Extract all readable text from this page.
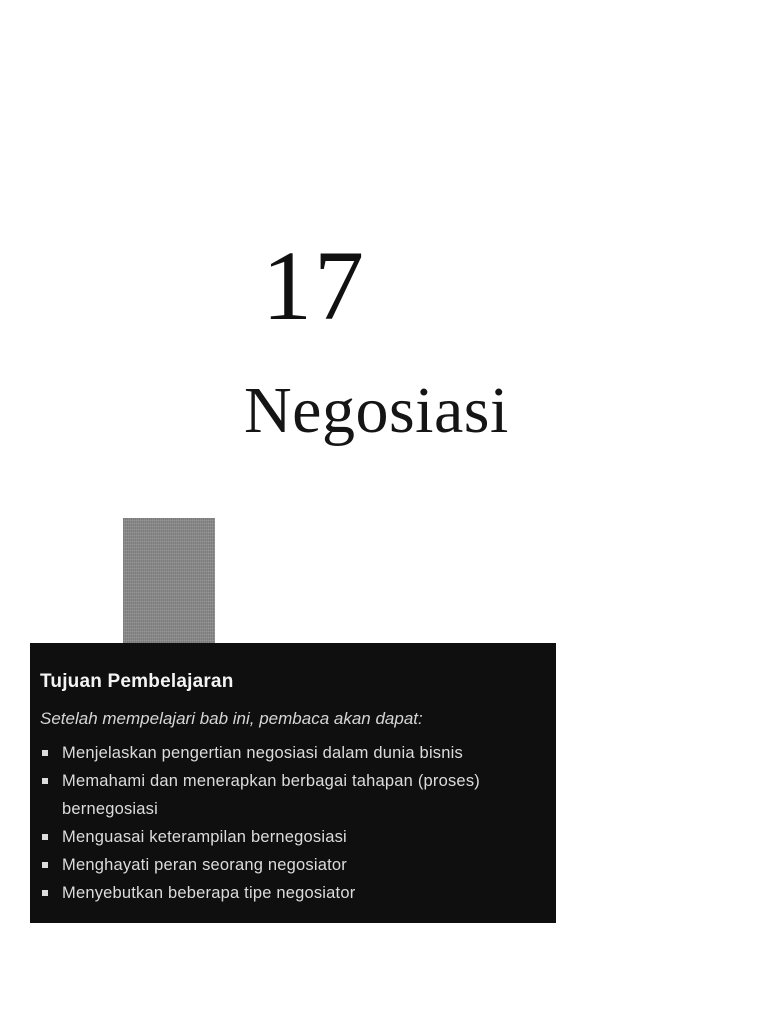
17
Negosiasi
Tujuan Pembelajaran
Setelah mempelajari bab ini, pembaca akan dapat:
Menjelaskan pengertian negosiasi dalam dunia bisnis
Memahami dan menerapkan berbagai tahapan (proses) bernegosiasi
Menguasai keterampilan bernegosiasi
Menghayati peran seorang negosiator
Menyebutkan beberapa tipe negosiator
